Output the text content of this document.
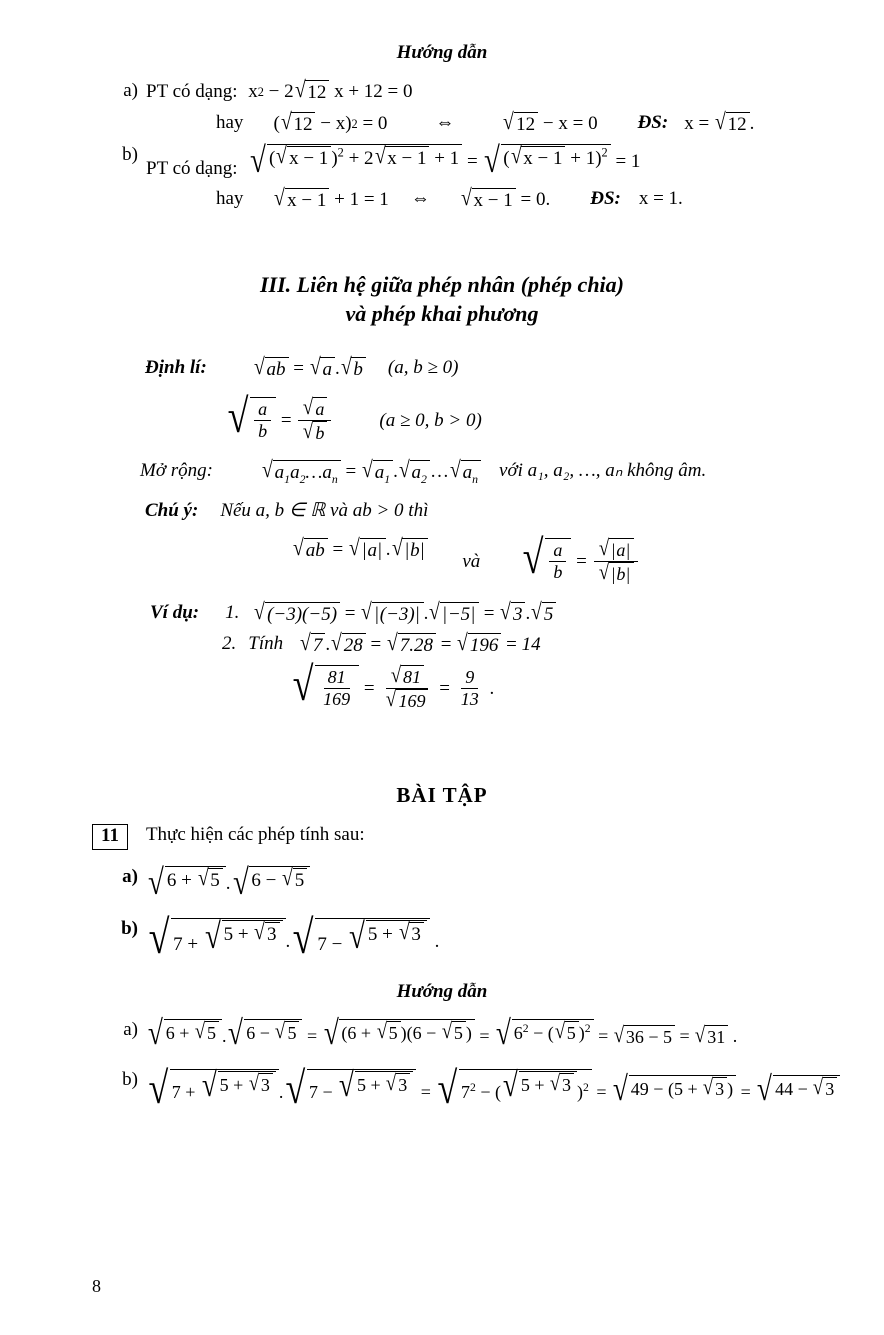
Hướng dẫn
a) PT có dạng: x 2 − 2 √ 12 x + 12 = 0
hay ( √ 12 − x) 2 = 0	⇔ √ 12 − x = 0 ĐS: x = √ 12 .
b)
PT có dạng: √ ( √ x − 1 )$^2$ + 2 √ x − 1 + 1 = √ ( √ x − 1 + 1)$^2$ = 1
hay √ x − 1 + 1 = 1 ⇔ √ x − 1 = 0. ĐS: x = 1.
III. Liên hệ giữa phép nhân (phép chia)
và phép khai phương
Định lí: √ ab = √ a . √ b (a, b ≥ 0)
√ $\frac{a}{b} = \frac{√ a}{√ b}$	(a ≥ 0, b > 0)
Mở rộng: √ $a_1a_2\dots a_n$ = √ $a_1$ . √ $a_2$ … √ $a_n$ với a₁, a₂, …, aₙ không âm.
Chú ý: Nếu a, b ∈ ℝ và ab > 0 thì
√ ab = √ |a| . √ |b|
và √ $\frac{a}{b} = \frac{√ |a|}{√ |b|}$
Ví dụ: 1. √ (−3)(−5) = √ |(−3)| . √ |−5| = √ 3 . √ 5
2. Tính √ 7 . √ 28 = √ 7.28 = √ 196 = 14
√ $\frac{81}{169} = \frac{√ 81}{√ 169} = \frac{9}{13}$ .
BÀI TẬP
11	Thực hiện các phép tính sau:
a) √ 6 + √ 5 . √ 6 − √ 5
b) √ 7 + √ 5 + √ 3 . √ 7 − √ 5 + √ 3 .
Hướng dẫn
a) √ 6 + √ 5 . √ 6 − √ 5 = √ (6 + √ 5 )(6 − √ 5 ) = √ $6^2$ − ( √ 5 )$^2$ = √ 36 − 5 = √ 31 .
b) √ 7 + √ 5 + √ 3 . √ 7 − √ 5 + √ 3 = √ $7^2$ − ( √ 5 + √ 3 )$^2$ = √ 49 − (5 + √ 3 ) = √ 44 − √ 3
8
